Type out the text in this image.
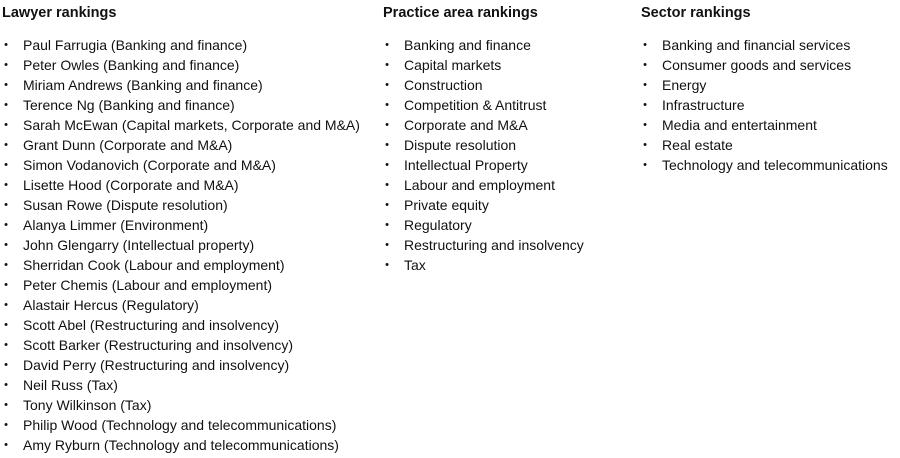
Lawyer rankings
• Paul Farrugia (Banking and finance)
• Peter Owles (Banking and finance)
• Miriam Andrews (Banking and finance)
• Terence Ng (Banking and finance)
• Sarah McEwan (Capital markets, Corporate and M&A)
• Grant Dunn (Corporate and M&A)
• Simon Vodanovich (Corporate and M&A)
• Lisette Hood (Corporate and M&A)
• Susan Rowe (Dispute resolution)
• Alanya Limmer (Environment)
• John Glengarry (Intellectual property)
• Sherridan Cook (Labour and employment)
• Peter Chemis (Labour and employment)
• Alastair Hercus (Regulatory)
• Scott Abel (Restructuring and insolvency)
• Scott Barker (Restructuring and insolvency)
• David Perry (Restructuring and insolvency)
• Neil Russ (Tax)
• Tony Wilkinson (Tax)
• Philip Wood (Technology and telecommunications)
• Amy Ryburn (Technology and telecommunications)
Practice area rankings
• Banking and finance
• Capital markets
• Construction
• Competition & Antitrust
• Corporate and M&A
• Dispute resolution
• Intellectual Property
• Labour and employment
• Private equity
• Regulatory
• Restructuring and insolvency
• Tax
Sector rankings
• Banking and financial services
• Consumer goods and services
• Energy
• Infrastructure
• Media and entertainment
• Real estate
• Technology and telecommunications
